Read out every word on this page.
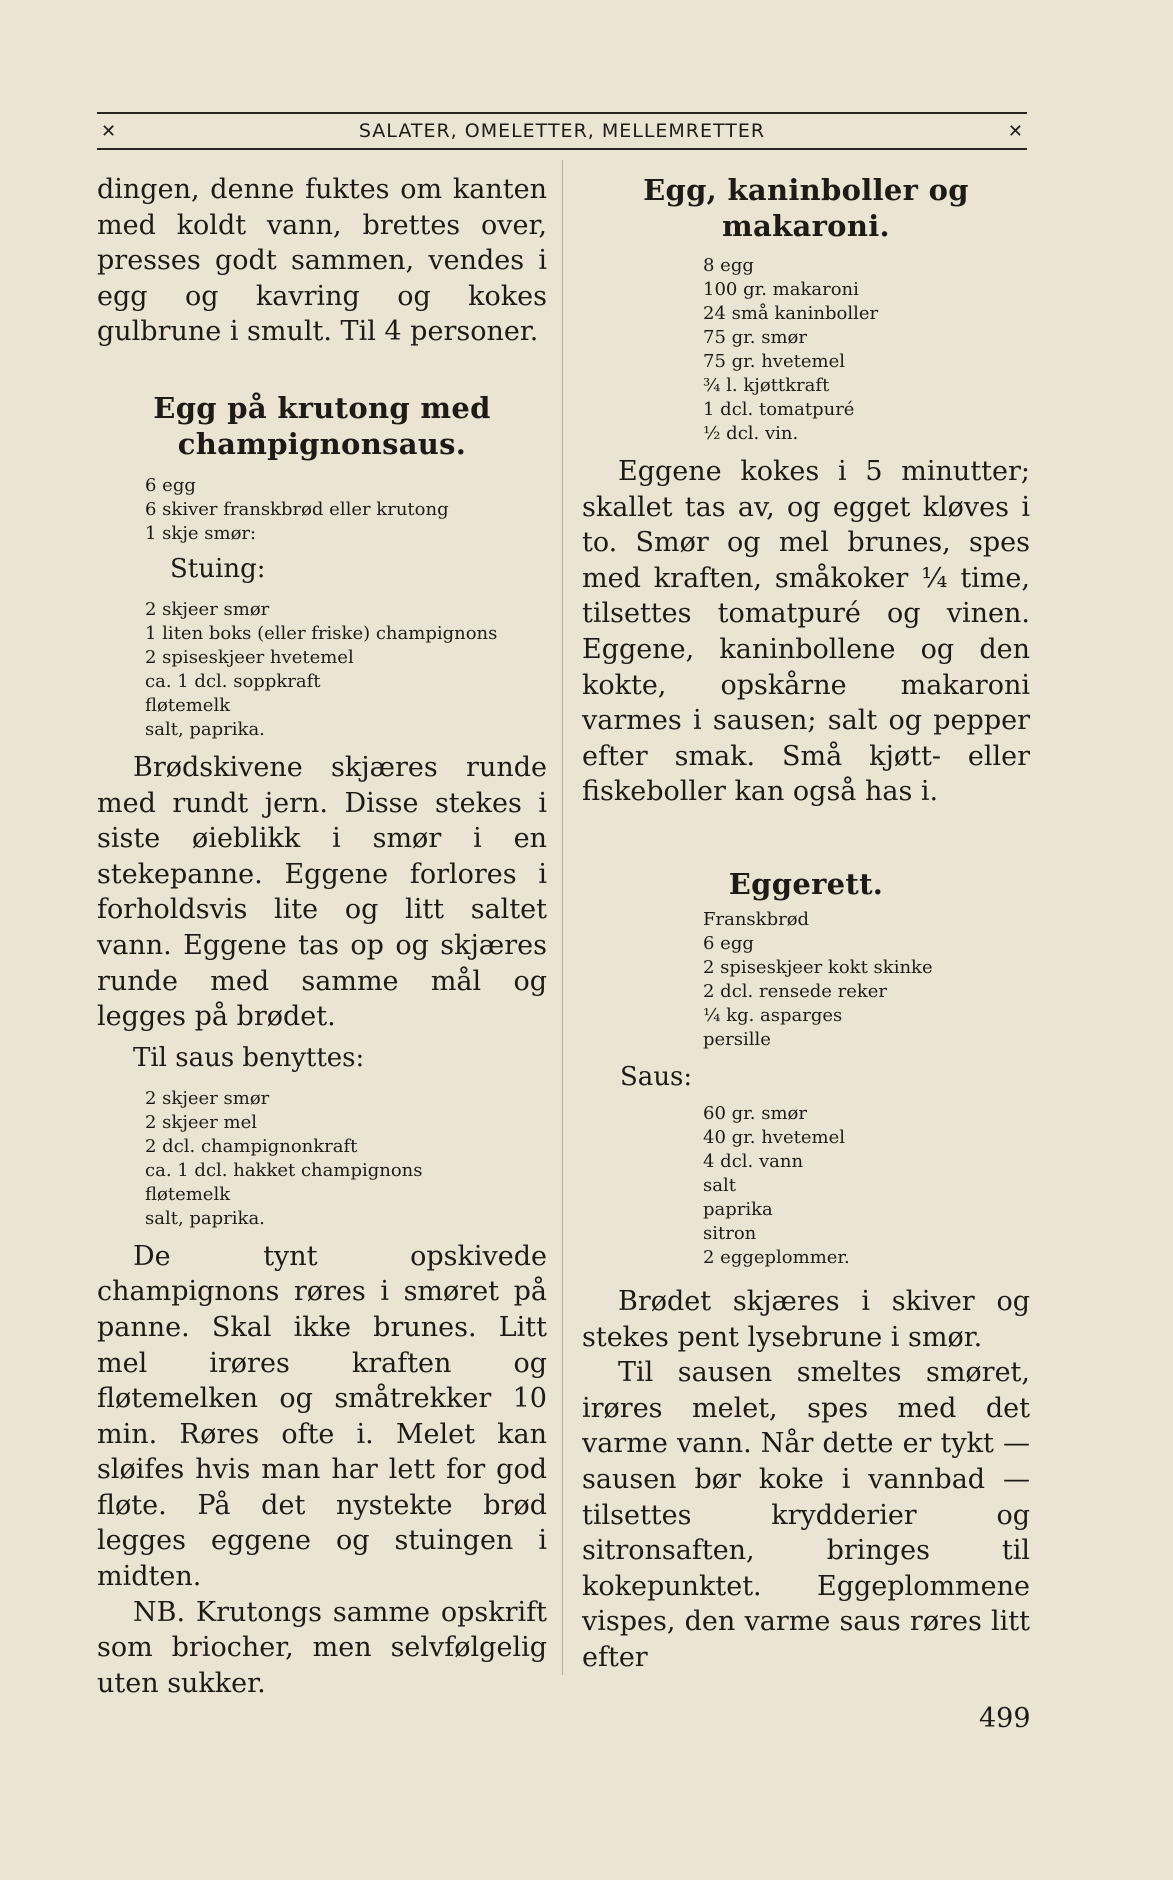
✕	SALATER, OMELETTER, MELLEMRETTER	✕

dingen, denne fuktes om kanten med koldt vann, brettes over, presses godt sammen, vendes i egg og kavring og kokes gulbrune i smult. Til 4 personer.

Egg på krutong med

champignonsaus.

6 egg
6 skiver franskbrød eller krutong
1 skje smør:

Stuing:

2 skjeer smør
1 liten boks (eller friske) champignons
2 spiseskjeer hvetemel
ca. 1 dcl. soppkraft
fløtemelk
salt, paprika.

Brødskivene skjæres runde med rundt jern. Disse stekes i siste øieblikk i smør i en stekepanne. Eggene forlores i forholdsvis lite og litt saltet vann. Eggene tas op og skjæres runde med samme mål og legges på brødet.

Til saus benyttes:

2 skjeer smør
2 skjeer mel
2 dcl. champignonkraft
ca. 1 dcl. hakket champignons
fløtemelk
salt, paprika.

De tynt opskivede champignons røres i smøret på panne. Skal ikke brunes. Litt mel irøres kraften og fløtemelken og småtrekker 10 min. Røres ofte i. Melet kan sløifes hvis man har lett for god fløte. På det nystekte brød legges eggene og stuingen i midten.

NB. Krutongs samme opskrift som briocher, men selvfølgelig uten sukker.

Egg, kaninboller og

makaroni.

8 egg
100 gr. makaroni
24 små kaninboller
75 gr. smør
75 gr. hvetemel
¾ l. kjøttkraft
1 dcl. tomatpuré
½ dcl. vin.

Eggene kokes i 5 minutter; skallet tas av, og egget kløves i to. Smør og mel brunes, spes med kraften, småkoker ¼ time, tilsettes tomatpuré og vinen. Eggene, kaninbollene og den kokte, opskårne makaroni varmes i sausen; salt og pepper efter smak. Små kjøtt- eller fiskeboller kan også has i.

Eggerett.

Franskbrød
6 egg
2 spiseskjeer kokt skinke
2 dcl. rensede reker
¼ kg. asparges
persille

Saus:

60 gr. smør
40 gr. hvetemel
4 dcl. vann
salt
paprika
sitron
2 eggeplommer.

Brødet skjæres i skiver og stekes pent lysebrune i smør.

Til sausen smeltes smøret, irøres melet, spes med det varme vann. Når dette er tykt — sausen bør koke i vannbad — tilsettes krydderier og sitronsaften, bringes til kokepunktet. Eggeplommene vispes, den varme saus røres litt efter

499
